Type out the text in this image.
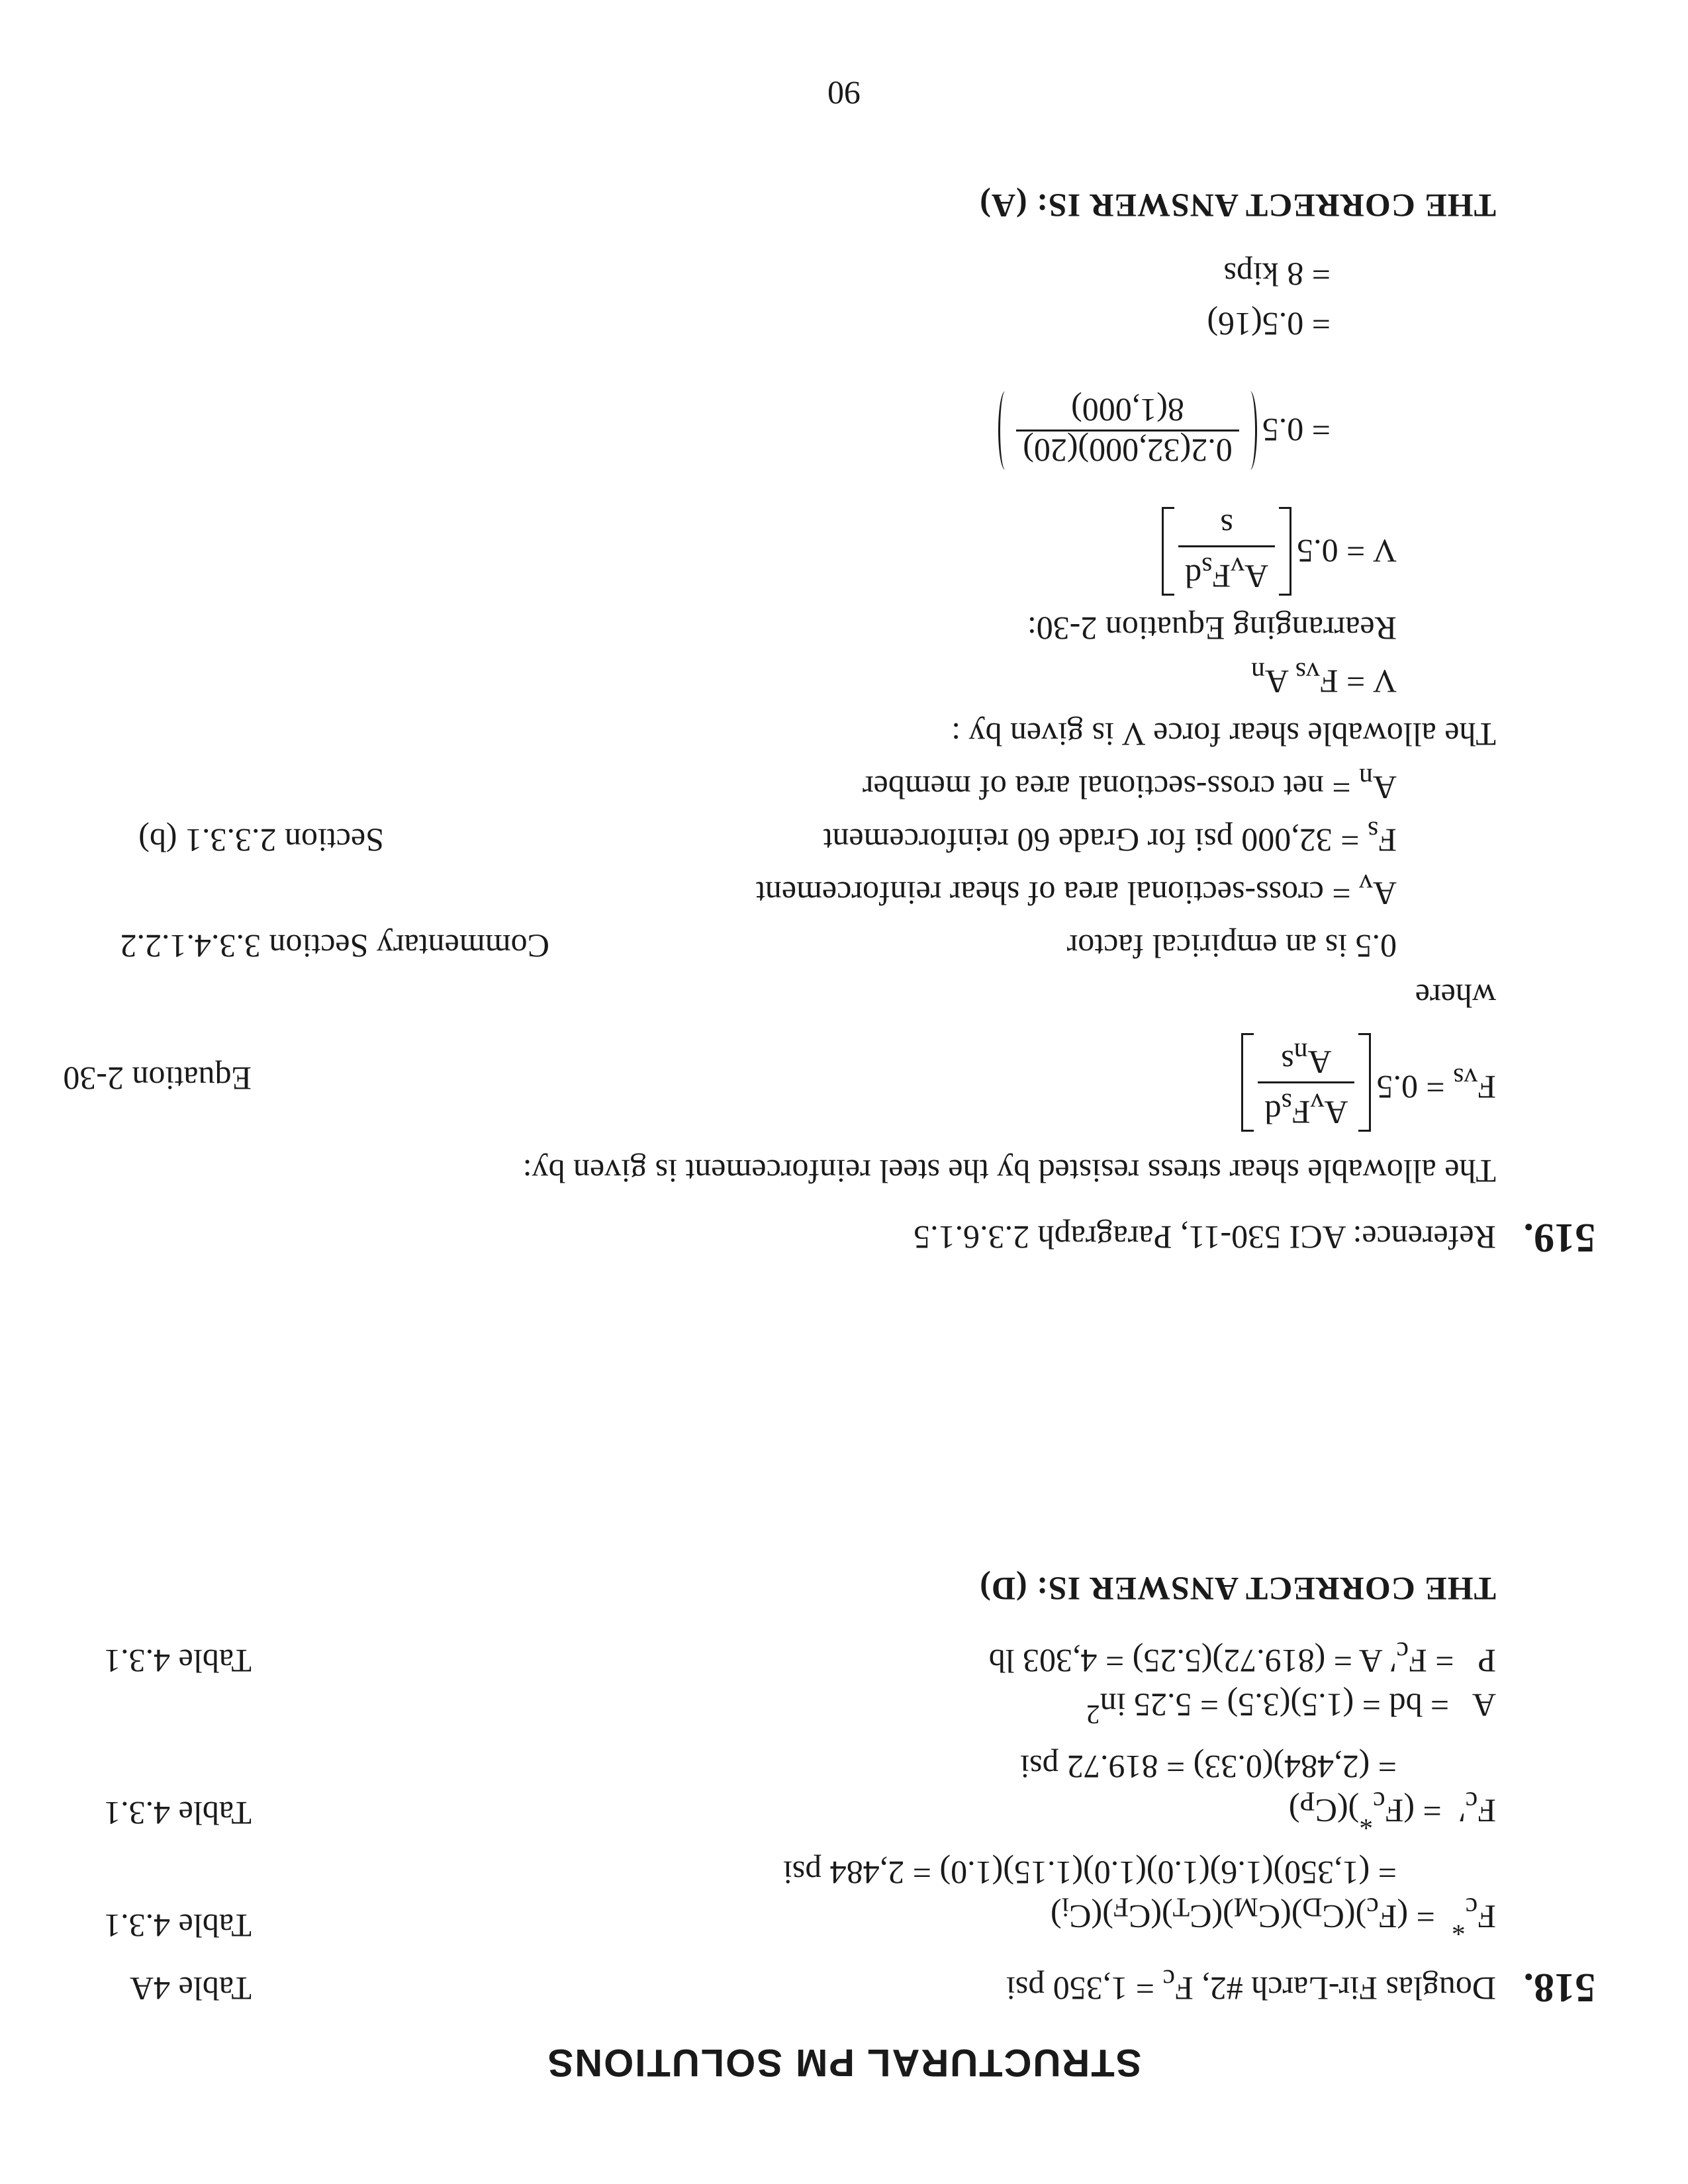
STRUCTURAL PM SOLUTIONS
518.
Douglas Fir-Larch #2, $F_c = 1,350$ psi
Table 4A
$F_c^* = (F_c)(C_D)(C_M)(C_T)(C_F)(C_i)$
Table 4.3.1
= (1,350)(1.6)(1.0)(1.0)(1.15)(1.0) = 2,484 psi
$F_c' = (F_c^*)(C_P)$
Table 4.3.1
= (2,484)(0.33) = 819.72 psi
A   = bd = (1.5)(3.5) = 5.25 $in^2$
$P = F_c'$ A = (819.72)(5.25) = 4,303 lb
Table 4.3.1
THE CORRECT ANSWER IS: (D)
519.
Reference: ACI 530-11, Paragraph 2.3.6.1.5
The allowable shear stress resisted by the steel reinforcement is given by:
$F_{vs} = 0.5$
$A_vF_sd$
$A_ns$
Equation 2-30
where
0.5 is an empirical factor
Commentary Section 3.3.4.1.2.2
$A_v$ = cross-sectional area of shear reinforcement
$F_s = 32,000$ psi for Grade 60 reinforcement
Section 2.3.3.1 (b)
$A_n$ = net cross-sectional area of member
The allowable shear force V is given by :
$V = F_{vs}$ $A_n$
Rearranging Equation 2-30:
V = 0.5
$A_vF_sd$
s
= 0.5
0.2(32,000)(20)
8(1,000)
= 0.5(16)
= 8 kips
THE CORRECT ANSWER IS: (A)
90
